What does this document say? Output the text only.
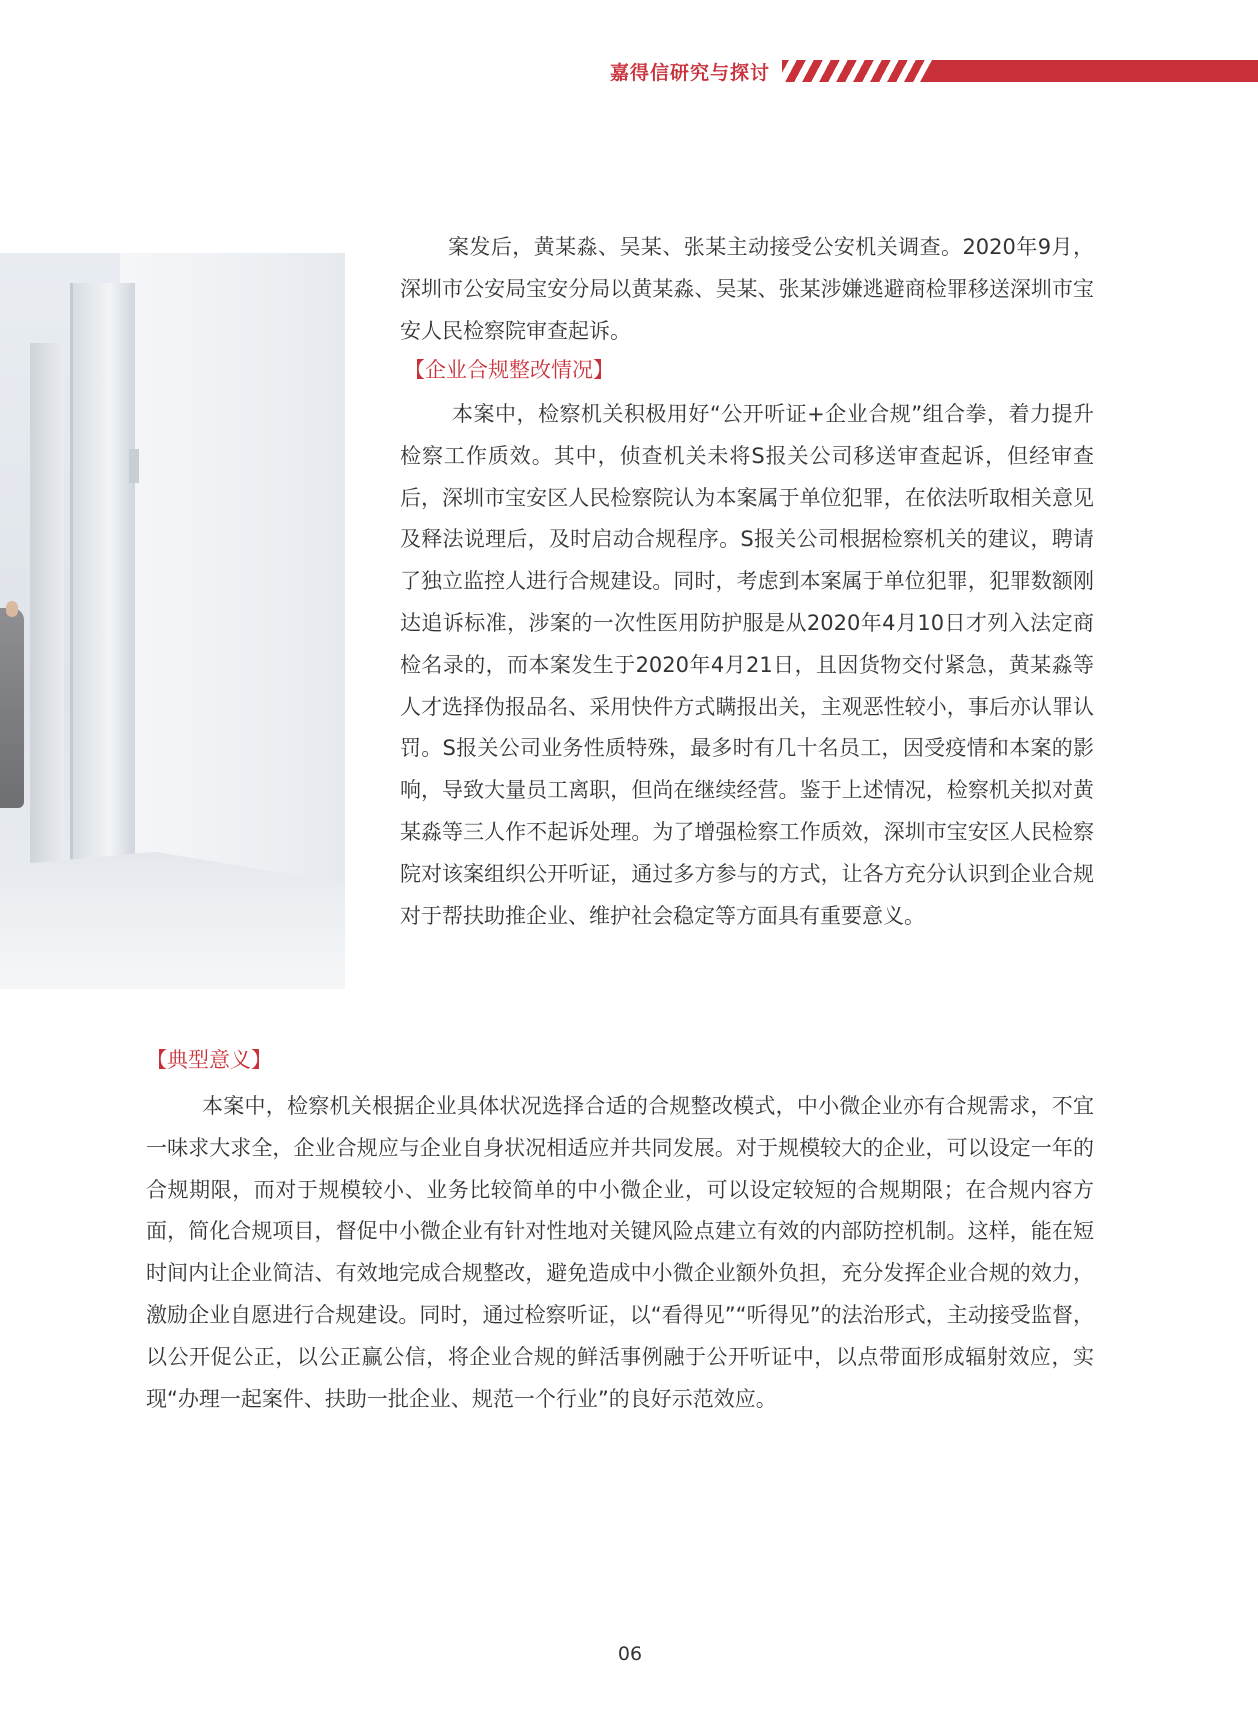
嘉得信研究与探讨

案发后，黄某淼、吴某、张某主动接受公安机关调查。2020年9月，深圳市公安局宝安分局以黄某淼、吴某、张某涉嫌逃避商检罪移送深圳市宝安人民检察院审查起诉。

【企业合规整改情况】

本案中，检察机关积极用好“公开听证+企业合规”组合拳，着力提升检察工作质效。其中，侦查机关未将S报关公司移送审查起诉，但经审查后，深圳市宝安区人民检察院认为本案属于单位犯罪，在依法听取相关意见及释法说理后，及时启动合规程序。S报关公司根据检察机关的建议，聘请了独立监控人进行合规建设。同时，考虑到本案属于单位犯罪，犯罪数额刚达追诉标准，涉案的一次性医用防护服是从2020年4月10日才列入法定商检名录的，而本案发生于2020年4月21日，且因货物交付紧急，黄某淼等人才选择伪报品名、采用快件方式瞒报出关，主观恶性较小，事后亦认罪认罚。S报关公司业务性质特殊，最多时有几十名员工，因受疫情和本案的影响，导致大量员工离职，但尚在继续经营。鉴于上述情况，检察机关拟对黄某淼等三人作不起诉处理。为了增强检察工作质效，深圳市宝安区人民检察院对该案组织公开听证，通过多方参与的方式，让各方充分认识到企业合规对于帮扶助推企业、维护社会稳定等方面具有重要意义。

【典型意义】

本案中，检察机关根据企业具体状况选择合适的合规整改模式，中小微企业亦有合规需求，不宜一味求大求全，企业合规应与企业自身状况相适应并共同发展。对于规模较大的企业，可以设定一年的合规期限，而对于规模较小、业务比较简单的中小微企业，可以设定较短的合规期限；在合规内容方面，简化合规项目，督促中小微企业有针对性地对关键风险点建立有效的内部防控机制。这样，能在短时间内让企业简洁、有效地完成合规整改，避免造成中小微企业额外负担，充分发挥企业合规的效力，激励企业自愿进行合规建设。同时，通过检察听证，以“看得见”“听得见”的法治形式，主动接受监督，以公开促公正，以公正赢公信，将企业合规的鲜活事例融于公开听证中，以点带面形成辐射效应，实现“办理一起案件、扶助一批企业、规范一个行业”的良好示范效应。

06
